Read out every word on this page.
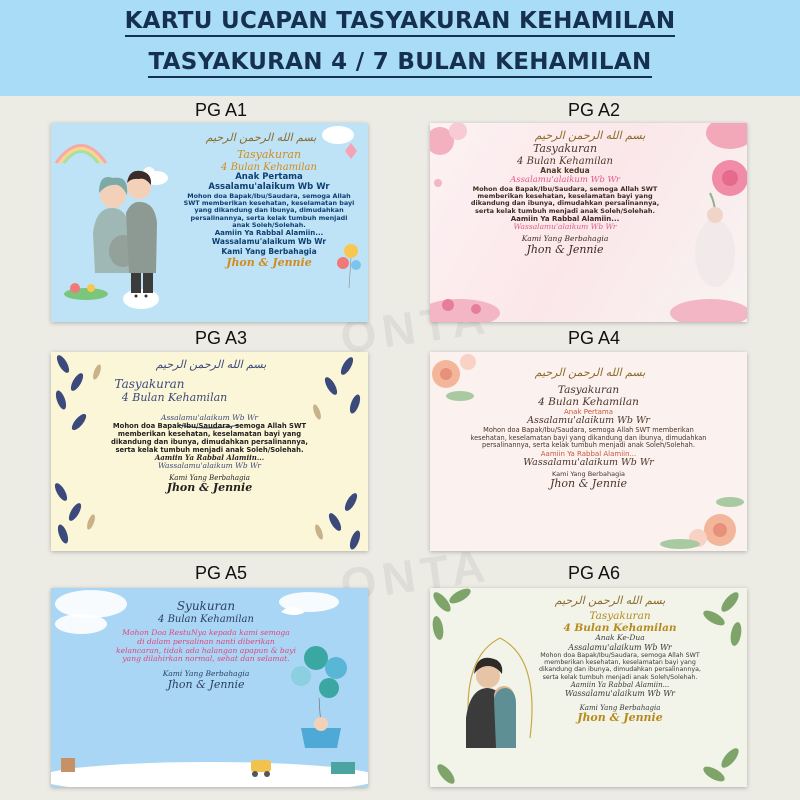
KARTU UCAPAN TASYAKURAN KEHAMILAN
TASYAKURAN 4 / 7 BULAN KEHAMILAN
ONTA
ONTA
PG A1
بسم الله الرحمن الرحيم
Tasyakuran
4 Bulan Kehamilan
Anak Pertama
Assalamu'alaikum Wb Wr
Mohon doa Bapak/Ibu/Saudara, semoga Allah
SWT memberikan kesehatan, keselamatan bayi
yang dikandung dan ibunya, dimudahkan
persalinannya, serta kelak tumbuh menjadi
anak Soleh/Solehah.
Aamiin Ya Rabbal Alamiin...
Wassalamu'alaikum Wb Wr
Kami Yang Berbahagia
Jhon & Jennie
PG A2
بسم الله الرحمن الرحيم
Tasyakuran
4 Bulan Kehamilan
Anak kedua
Assalamu'alaikum Wb Wr
Mohon doa Bapak/Ibu/Saudara, semoga Allah SWT
memberikan kesehatan, keselamatan bayi yang
dikandung dan ibunya, dimudahkan persalinannya,
serta kelak tumbuh menjadi anak Soleh/Solehah.
Aamiin Ya Rabbal Alamiin...
Wassalamu'alaikum Wb Wr
Kami Yang Berbahagia
Jhon & Jennie
PG A3
بسم الله الرحمن الرحيم
Tasyakuran
4 Bulan Kehamilan
Assalamu'alaikum Wb Wr
Mohon doa Bapak/Ibu/Saudara, semoga Allah SWT
memberikan kesehatan, keselamatan bayi yang
dikandung dan ibunya, dimudahkan persalinannya,
serta kelak tumbuh menjadi anak Soleh/Solehah.
Aamiin Ya Rabbal Alamiin...
Wassalamu'alaikum Wb Wr
Kami Yang Berbahagia
Jhon & Jennie
PG A4
بسم الله الرحمن الرحيم
Tasyakuran
4 Bulan Kehamilan
Anak Pertama
Assalamu'alaikum Wb Wr
Mohon doa Bapak/Ibu/Saudara, semoga Allah SWT memberikan
kesehatan, keselamatan bayi yang dikandung dan ibunya, dimudahkan
persalinannya, serta kelak tumbuh menjadi anak Soleh/Solehah.
Aamiin Ya Rabbal Alamiin...
Wassalamu'alaikum Wb Wr
Kami Yang Berbahagia
Jhon & Jennie
PG A5
Syukuran
4 Bulan Kehamilan
Mohon Doa RestuNya kepada kami semoga
di dalam persalinan nanti diberikan
kelancaran, tidak ada halangan apapun & bayi
yang dilahirkan normal, sehat dan selamat.
Kami Yang Berbahagia
Jhon & Jennie
PG A6
بسم الله الرحمن الرحيم
Tasyakuran
4 Bulan Kehamilan
Anak Ke-Dua
Assalamu'alaikum Wb Wr
Mohon doa Bapak/Ibu/Saudara, semoga Allah SWT
memberikan kesehatan, keselamatan bayi yang
dikandung dan ibunya, dimudahkan persalinannya,
serta kelak tumbuh menjadi anak Soleh/Solehah.
Aamiin Ya Rabbal Alamiin...
Wassalamu'alaikum Wb Wr
Kami Yang Berbahagia
Jhon & Jennie
